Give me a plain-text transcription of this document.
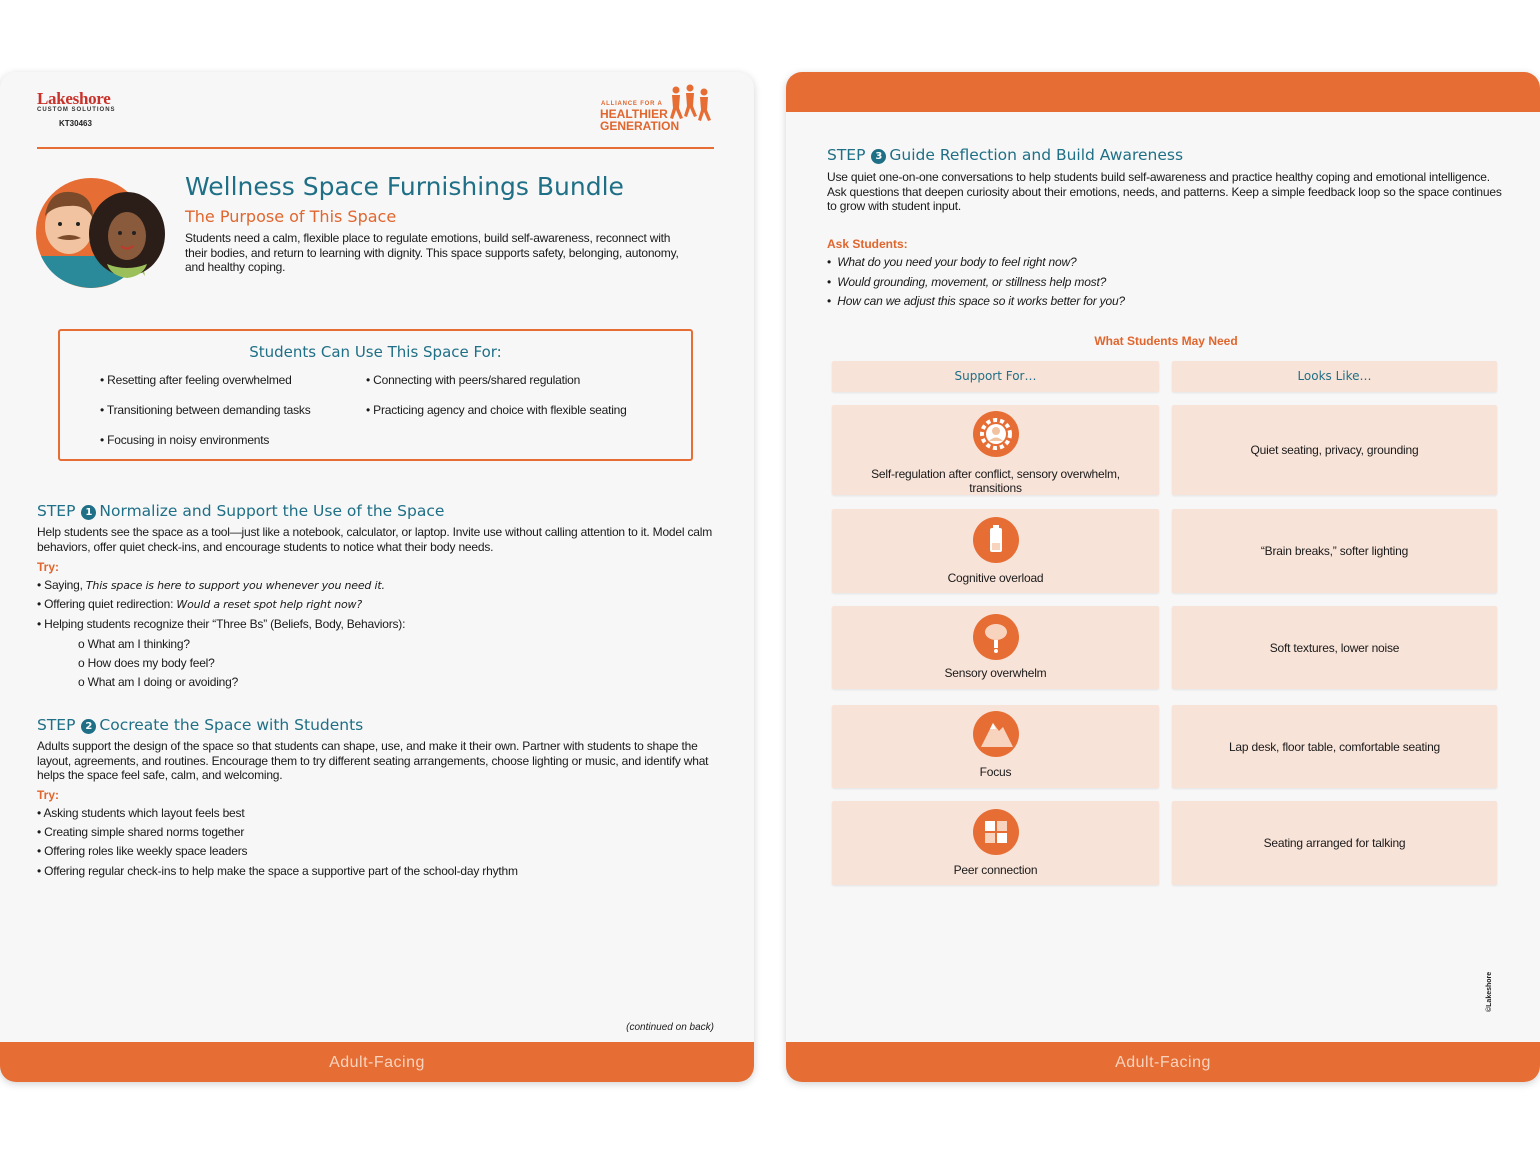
Lakeshore
CUSTOM SOLUTIONS
KT30463
ALLIANCE FOR A
HEALTHIER
GENERATION
Wellness Space Furnishings Bundle
The Purpose of This Space
Students need a calm, flexible place to regulate emotions, build self-awareness, reconnect with their bodies, and return to learning with dignity. This space supports safety, belonging, autonomy, and healthy coping.
Students Can Use This Space For:
• Resetting after feeling overwhelmed
• Transitioning between demanding tasks
• Focusing in noisy environments
• Connecting with peers/shared regulation
• Practicing agency and choice with flexible seating
STEP 1 Normalize and Support the Use of the Space
Help students see the space as a tool—just like a notebook, calculator, or laptop. Invite use without calling attention to it. Model calm behaviors, offer quiet check-ins, and encourage students to notice what their body needs.
Try:
• Saying, This space is here to support you whenever you need it.
• Offering quiet redirection: Would a reset spot help right now?
• Helping students recognize their “Three Bs” (Beliefs, Body, Behaviors):
o What am I thinking?
o How does my body feel?
o What am I doing or avoiding?
STEP 2 Cocreate the Space with Students
Adults support the design of the space so that students can shape, use, and make it their own. Partner with students to shape the layout, agreements, and routines. Encourage them to try different seating arrangements, choose lighting or music, and identify what helps the space feel safe, calm, and welcoming.
Try:
• Asking students which layout feels best
• Creating simple shared norms together
• Offering roles like weekly space leaders
• Offering regular check-ins to help make the space a supportive part of the school-day rhythm
(continued on back)
Adult-Facing
STEP 3 Guide Reflection and Build Awareness
Use quiet one-on-one conversations to help students build self-awareness and practice healthy coping and emotional intelligence. Ask questions that deepen curiosity about their emotions, needs, and patterns. Keep a simple feedback loop so the space continues to grow with student input.
Ask Students:
•  What do you need your body to feel right now?
•  Would grounding, movement, or stillness help most?
•  How can we adjust this space so it works better for you?
What Students May Need
Support For…	Looks Like…
Self-regulation after conflict, sensory overwhelm, transitions
Quiet seating, privacy, grounding
Cognitive overload
“Brain breaks,” softer lighting
Sensory overwhelm
Soft textures, lower noise
Focus
Lap desk, floor table, comfortable seating
Peer connection
Seating arranged for talking
©Lakeshore
Adult-Facing
